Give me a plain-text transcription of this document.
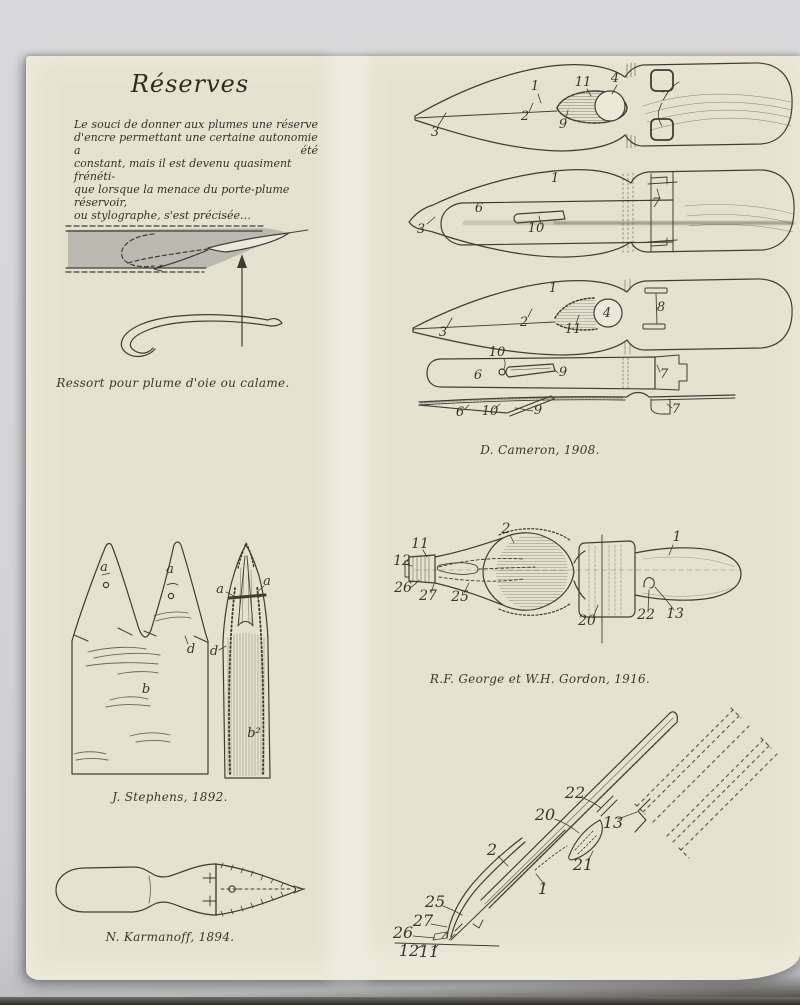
Réserves
Le souci de donner aux plumes une réserve
d'encre permettant une certaine autonomie a été
constant, mais il est devenu quasiment frénéti-
que lorsque la menace du porte-plume réservoir,
ou stylographe, s'est précisée…
Ressort pour plume d'oie ou calame.
3
1
2
11
9
4
7
3
1
6
10
7
3
1
2	11
4	8
10
6	9	7
6 10	9	7
D. Cameron, 1908.
a	a
d
b
a
a
d
b²
J. Stephens, 1892.
N. Karmanoff, 1894.
2	1
11
12
26 27 25
20	22 13
R.F. George et W.H. Gordon, 1916.
22
20	13
2
21
1
25
27
26
12 11
